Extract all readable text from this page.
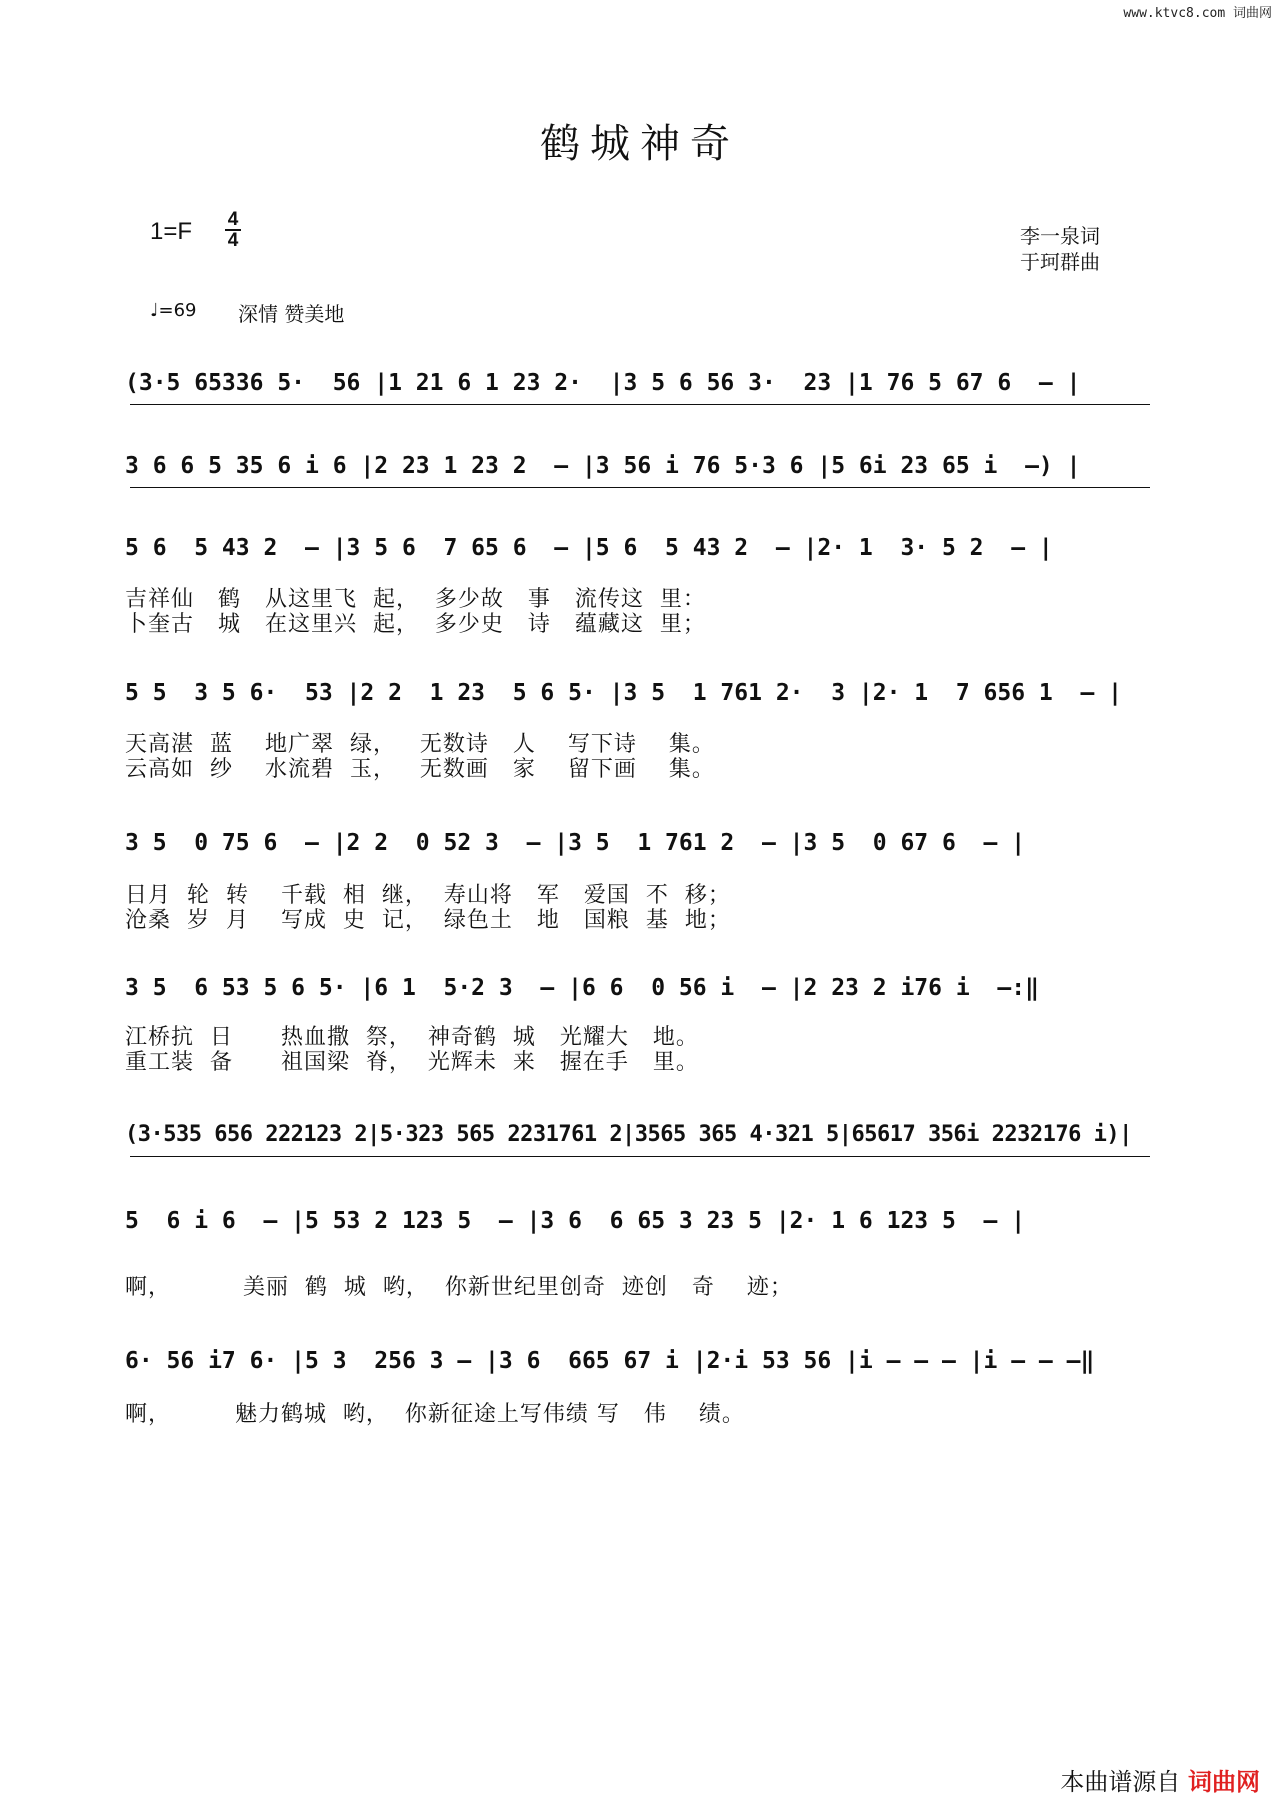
www.ktvc8.com 词曲网
鹤城神奇
1=F 4
4	李一泉词
于珂群曲
♩=69 深情 赞美地
(3·5 65336 5·  56 |1 21 6 1 23 2·  |3 5 6 56 3·  23 |1 76 5 67 6  – |
3 6 6 5 35 6 i 6 |2 23 1 23 2  – |3 56 i 76 5·3 6 |5 6i 23 65 i  –) |
5 6  5 43 2  – |3 5 6  7 65 6  – |5 6  5 43 2  – |2· 1  3· 5 2  – |
吉祥仙   鹤   从这里飞  起，  多少故   事   流传这  里：
卜奎古   城   在这里兴  起，  多少史   诗   蕴藏这  里；
5 5  3 5 6·  53 |2 2  1 23  5 6 5· |3 5  1 761 2·  3 |2· 1  7 656 1  – |
天高湛  蓝    地广翠  绿，   无数诗   人    写下诗    集。
云高如  纱    水流碧  玉，   无数画   家    留下画    集。
3 5  0 75 6  – |2 2  0 52 3  – |3 5  1 761 2  – |3 5  0 67 6  – |
日月  轮  转    千载  相  继，  寿山将   军   爱国  不  移；
沧桑  岁  月    写成  史  记，  绿色土   地   国粮  基  地；
3 5  6 53 5 6 5· |6 1  5·2 3  – |6 6  0 56 i  – |2 23 2 i76 i  –:‖
江桥抗  日      热血撒  祭，  神奇鹤  城   光耀大   地。
重工装  备      祖国梁  脊，  光辉未  来   握在手   里。
(3·535 656 222123 2|5·323 565 2231761 2|3565 365 4·321 5|65617 356i 2232176 i)|
5  6 i 6  – |5 53 2 123 5  – |3 6  6 65 3 23 5 |2· 1 6 123 5  – |
啊，         美丽  鹤  城  哟，  你新世纪里创奇  迹创   奇    迹；
6· 56 i7 6· |5 3  256 3 – |3 6  665 67 i |2·i 53 56 |i – – – |i – – –‖
啊，        魅力鹤城  哟，  你新征途上写伟绩 写   伟    绩。
本曲谱源自 词曲网
